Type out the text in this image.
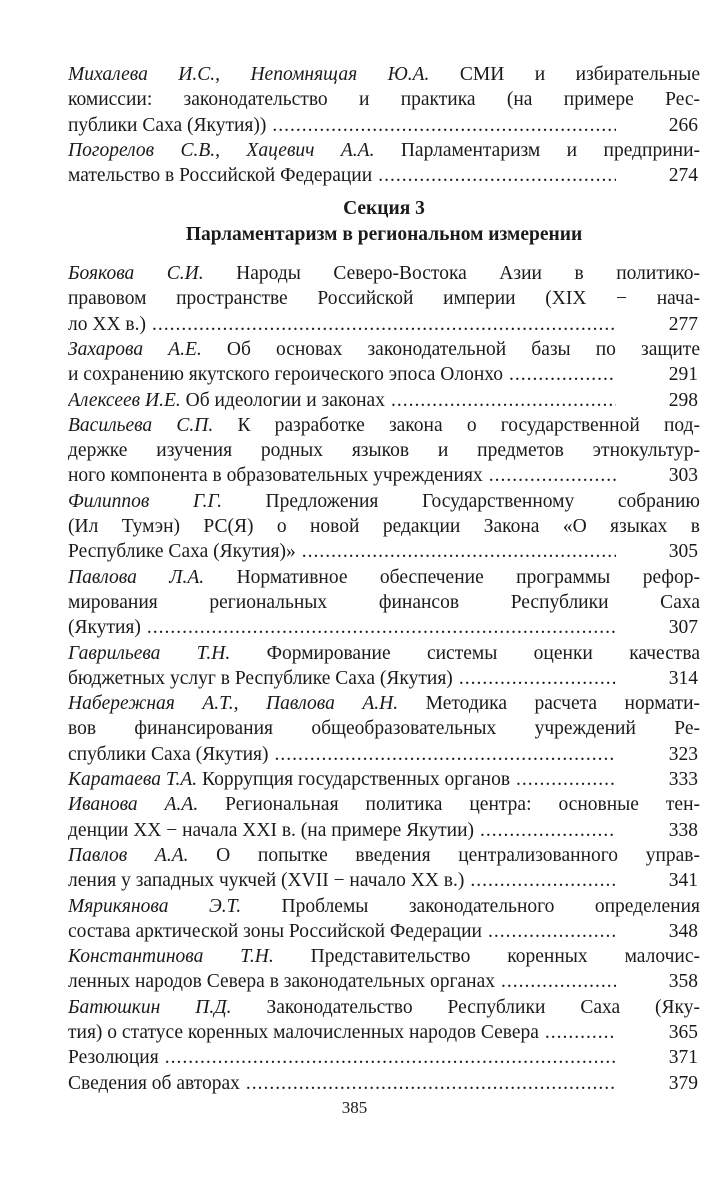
Михалева И.С., Непомнящая Ю.А. СМИ и избирательные
комиссии: законодательство и практика (на примере Рес-
публики Саха (Якутия)) .....	266
Погорелов С.В., Хацевич А.А. Парламентаризм и предприни-
мательство в Российской Федерации .....	274
Секция 3
Парламентаризм в региональном измерении
Боякова С.И. Народы Северо-Востока Азии в политико-
правовом пространстве Российской империи (XIX − нача-
ло XX в.) .....	277
Захарова А.Е. Об основах законодательной базы по защите
и сохранению якутского героического эпоса Олонхо .....	291
Алексеев И.Е. Об идеологии и законах .....	298
Васильева С.П. К разработке закона о государственной под-
держке изучения родных языков и предметов этнокультур-
ного компонента в образовательных учреждениях .....	303
Филиппов Г.Г. Предложения Государственному собранию
(Ил Тумэн) РС(Я) о новой редакции Закона «О языках в
Республике Саха (Якутия)» .....	305
Павлова Л.А. Нормативное обеспечение программы рефор-
мирования региональных финансов Республики Саха
(Якутия) .....	307
Гаврильева Т.Н. Формирование системы оценки качества
бюджетных услуг в Республике Саха (Якутия) .....	314
Набережная А.Т., Павлова А.Н. Методика расчета нормати-
вов финансирования общеобразовательных учреждений Ре-
спублики Саха (Якутия) .....	323
Каратаева Т.А. Коррупция государственных органов .....	333
Иванова А.А. Региональная политика центра: основные тен-
денции XX − начала XXI в. (на примере Якутии) .....	338
Павлов А.А. О попытке введения централизованного управ-
ления у западных чукчей (XVII − начало XX в.) .....	341
Мярикянова Э.Т. Проблемы законодательного определения
состава арктической зоны Российской Федерации .....	348
Константинова Т.Н. Представительство коренных малочис-
ленных народов Севера в законодательных органах .....	358
Батюшкин П.Д. Законодательство Республики Саха (Яку-
тия) о статусе коренных малочисленных народов Севера .....	365
Резолюция .....	371
Сведения об авторах .....	379
385
